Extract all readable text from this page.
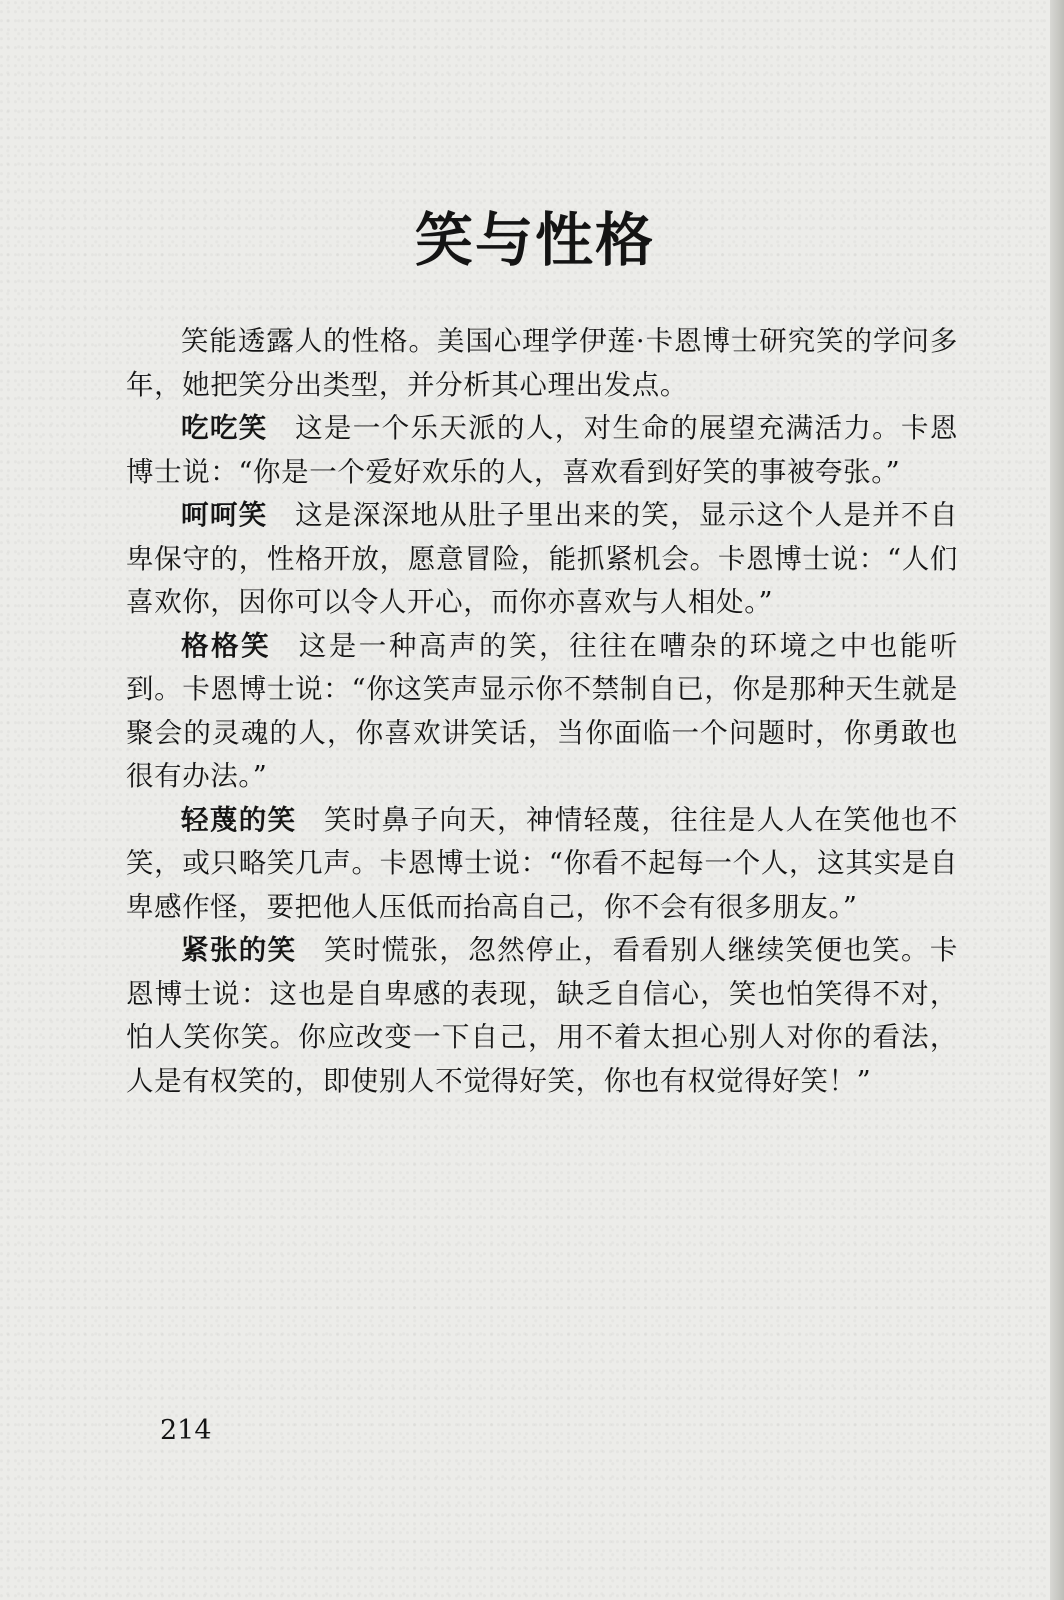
笑与性格

笑能透露人的性格。美国心理学伊莲·卡恩博士研究笑的学问多年，她把笑分出类型，并分析其心理出发点。

吃吃笑 这是一个乐天派的人，对生命的展望充满活力。卡恩博士说：“你是一个爱好欢乐的人，喜欢看到好笑的事被夸张。”

呵呵笑 这是深深地从肚子里出来的笑，显示这个人是并不自卑保守的，性格开放，愿意冒险，能抓紧机会。卡恩博士说：“人们喜欢你，因你可以令人开心，而你亦喜欢与人相处。”

格格笑 这是一种高声的笑，往往在嘈杂的环境之中也能听到。卡恩博士说：“你这笑声显示你不禁制自已，你是那种天生就是聚会的灵魂的人，你喜欢讲笑话，当你面临一个问题时，你勇敢也很有办法。”

轻蔑的笑 笑时鼻子向天，神情轻蔑，往往是人人在笑他也不笑，或只略笑几声。卡恩博士说：“你看不起每一个人，这其实是自卑感作怪，要把他人压低而抬高自己，你不会有很多朋友。”

紧张的笑 笑时慌张，忽然停止，看看别人继续笑便也笑。卡恩博士说：这也是自卑感的表现，缺乏自信心，笑也怕笑得不对，怕人笑你笑。你应改变一下自己，用不着太担心别人对你的看法，人是有权笑的，即使别人不觉得好笑，你也有权觉得好笑！”

214
